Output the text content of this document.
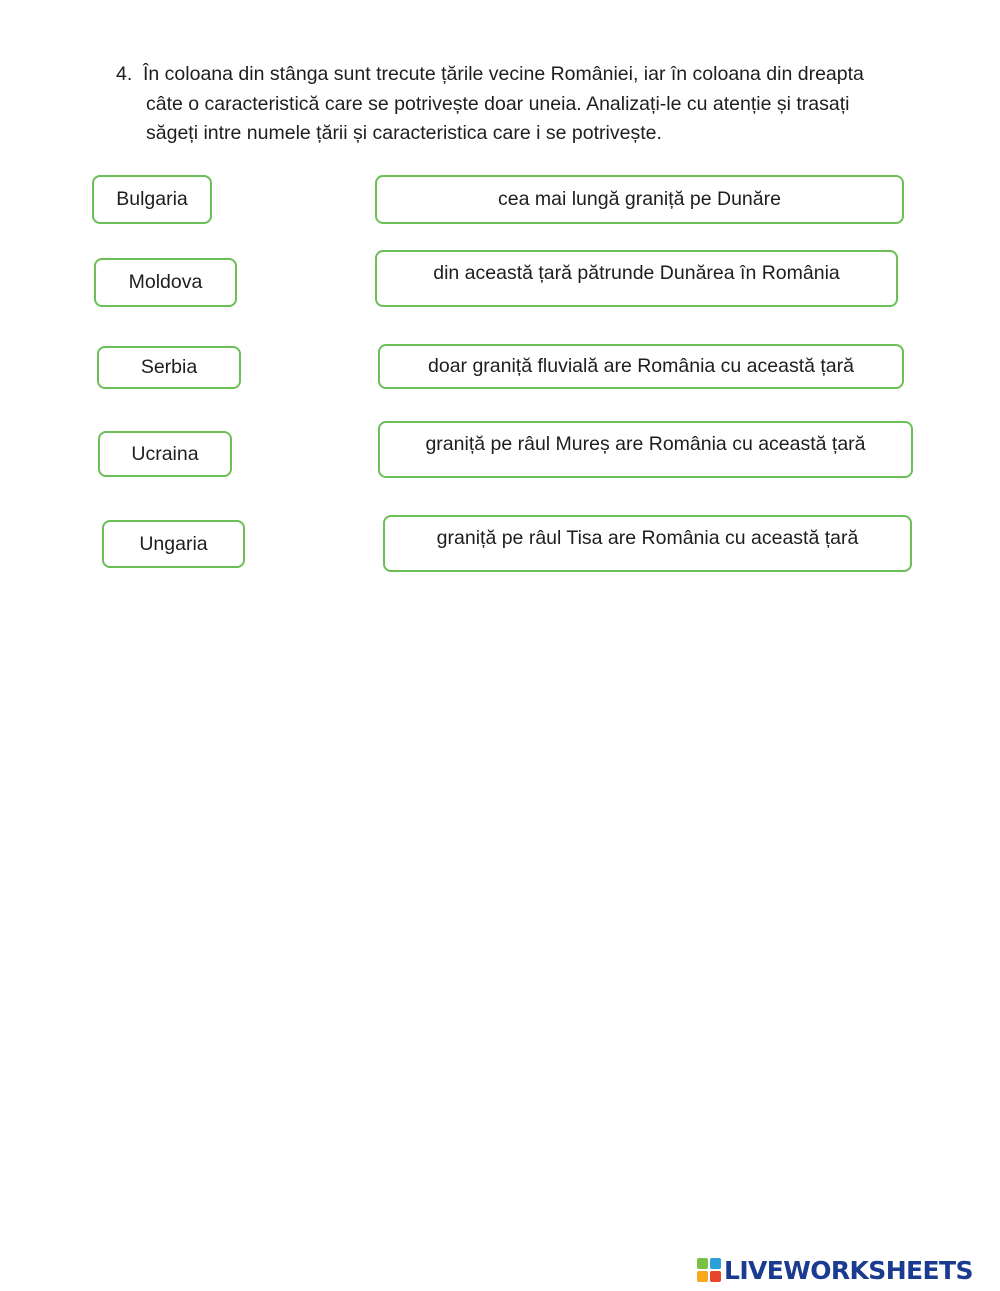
4. În coloana din stânga sunt trecute țările vecine României, iar în coloana din dreapta
câte o caracteristică care se potrivește doar uneia. Analizați-le cu atenție și trasați
săgeți intre numele țării și caracteristica care i se potrivește.
Bulgaria
Moldova
Serbia
Ucraina
Ungaria
cea mai lungă graniță pe Dunăre
din această țară pătrunde Dunărea în România
doar graniță fluvială are România cu această țară
graniță pe râul Mureș are România cu această țară
graniță pe râul Tisa are România cu această țară
LIVEWORKSHEETS
